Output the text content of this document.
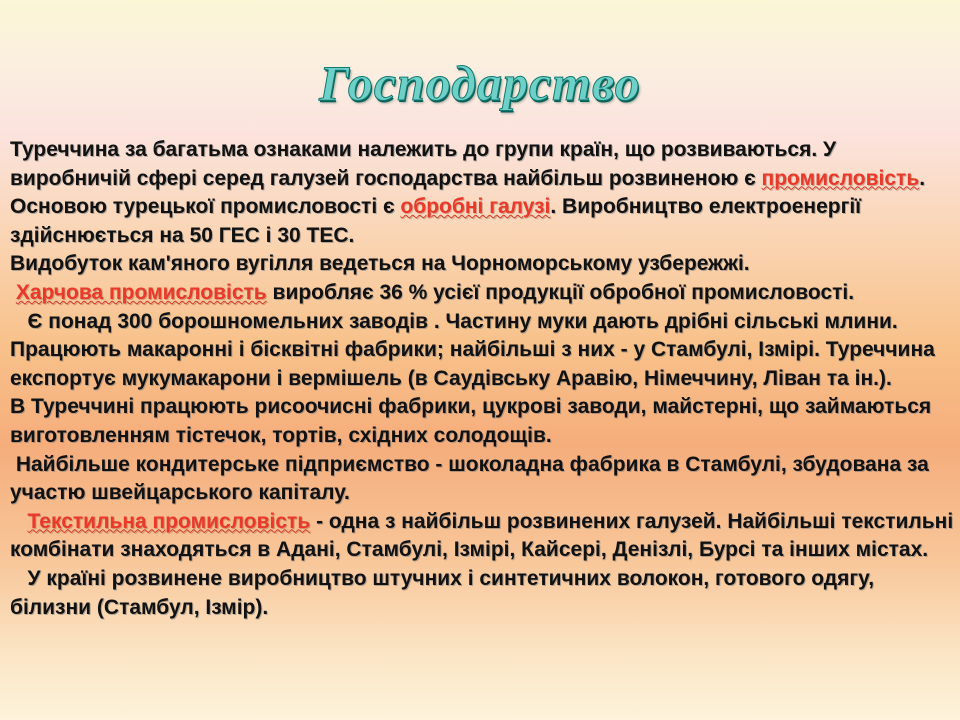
Господарство

Туреччина за багатьма ознаками належить до групи країн, що розвиваються. У виробничій сфері серед галузей господарства найбільш розвиненою є промисловість.

Основою турецької промисловості є обробні галузі. Виробництво електроенергії здійснюється на 50 ГЕС і 30 ТЕС.

Видобуток кам'яного вугілля ведеться на Чорноморському узбережжі.

Харчова промисловість виробляє 36 % усієї продукції обробної промисловості.

Є понад 300 борошномельних заводів . Частину муки дають дрібні сільські млини. Працюють макаронні і бісквітні фабрики; найбільші з них - у Стамбулі, Ізмірі. Туреччина експортує мукумакарони і вермішель (в Саудівську Аравію, Німеччину, Ліван та ін.).

В Туреччині працюють рисоочисні фабрики, цукрові заводи, майстерні, що займаються виготовленням тістечок, тортів, східних солодощів.

Найбільше кондитерське підприємство - шоколадна фабрика в Стамбулі, збудована за участю швейцарського капіталу.

Текстильна промисловість - одна з найбільш розвинених галузей. Найбільші текстильні комбінати знаходяться в Адані, Стамбулі, Ізмірі, Кайсері, Денізлі, Бурсі та інших містах.

У країні розвинене виробництво штучних і синтетичних волокон, готового одягу, білизни (Стамбул, Ізмір).
